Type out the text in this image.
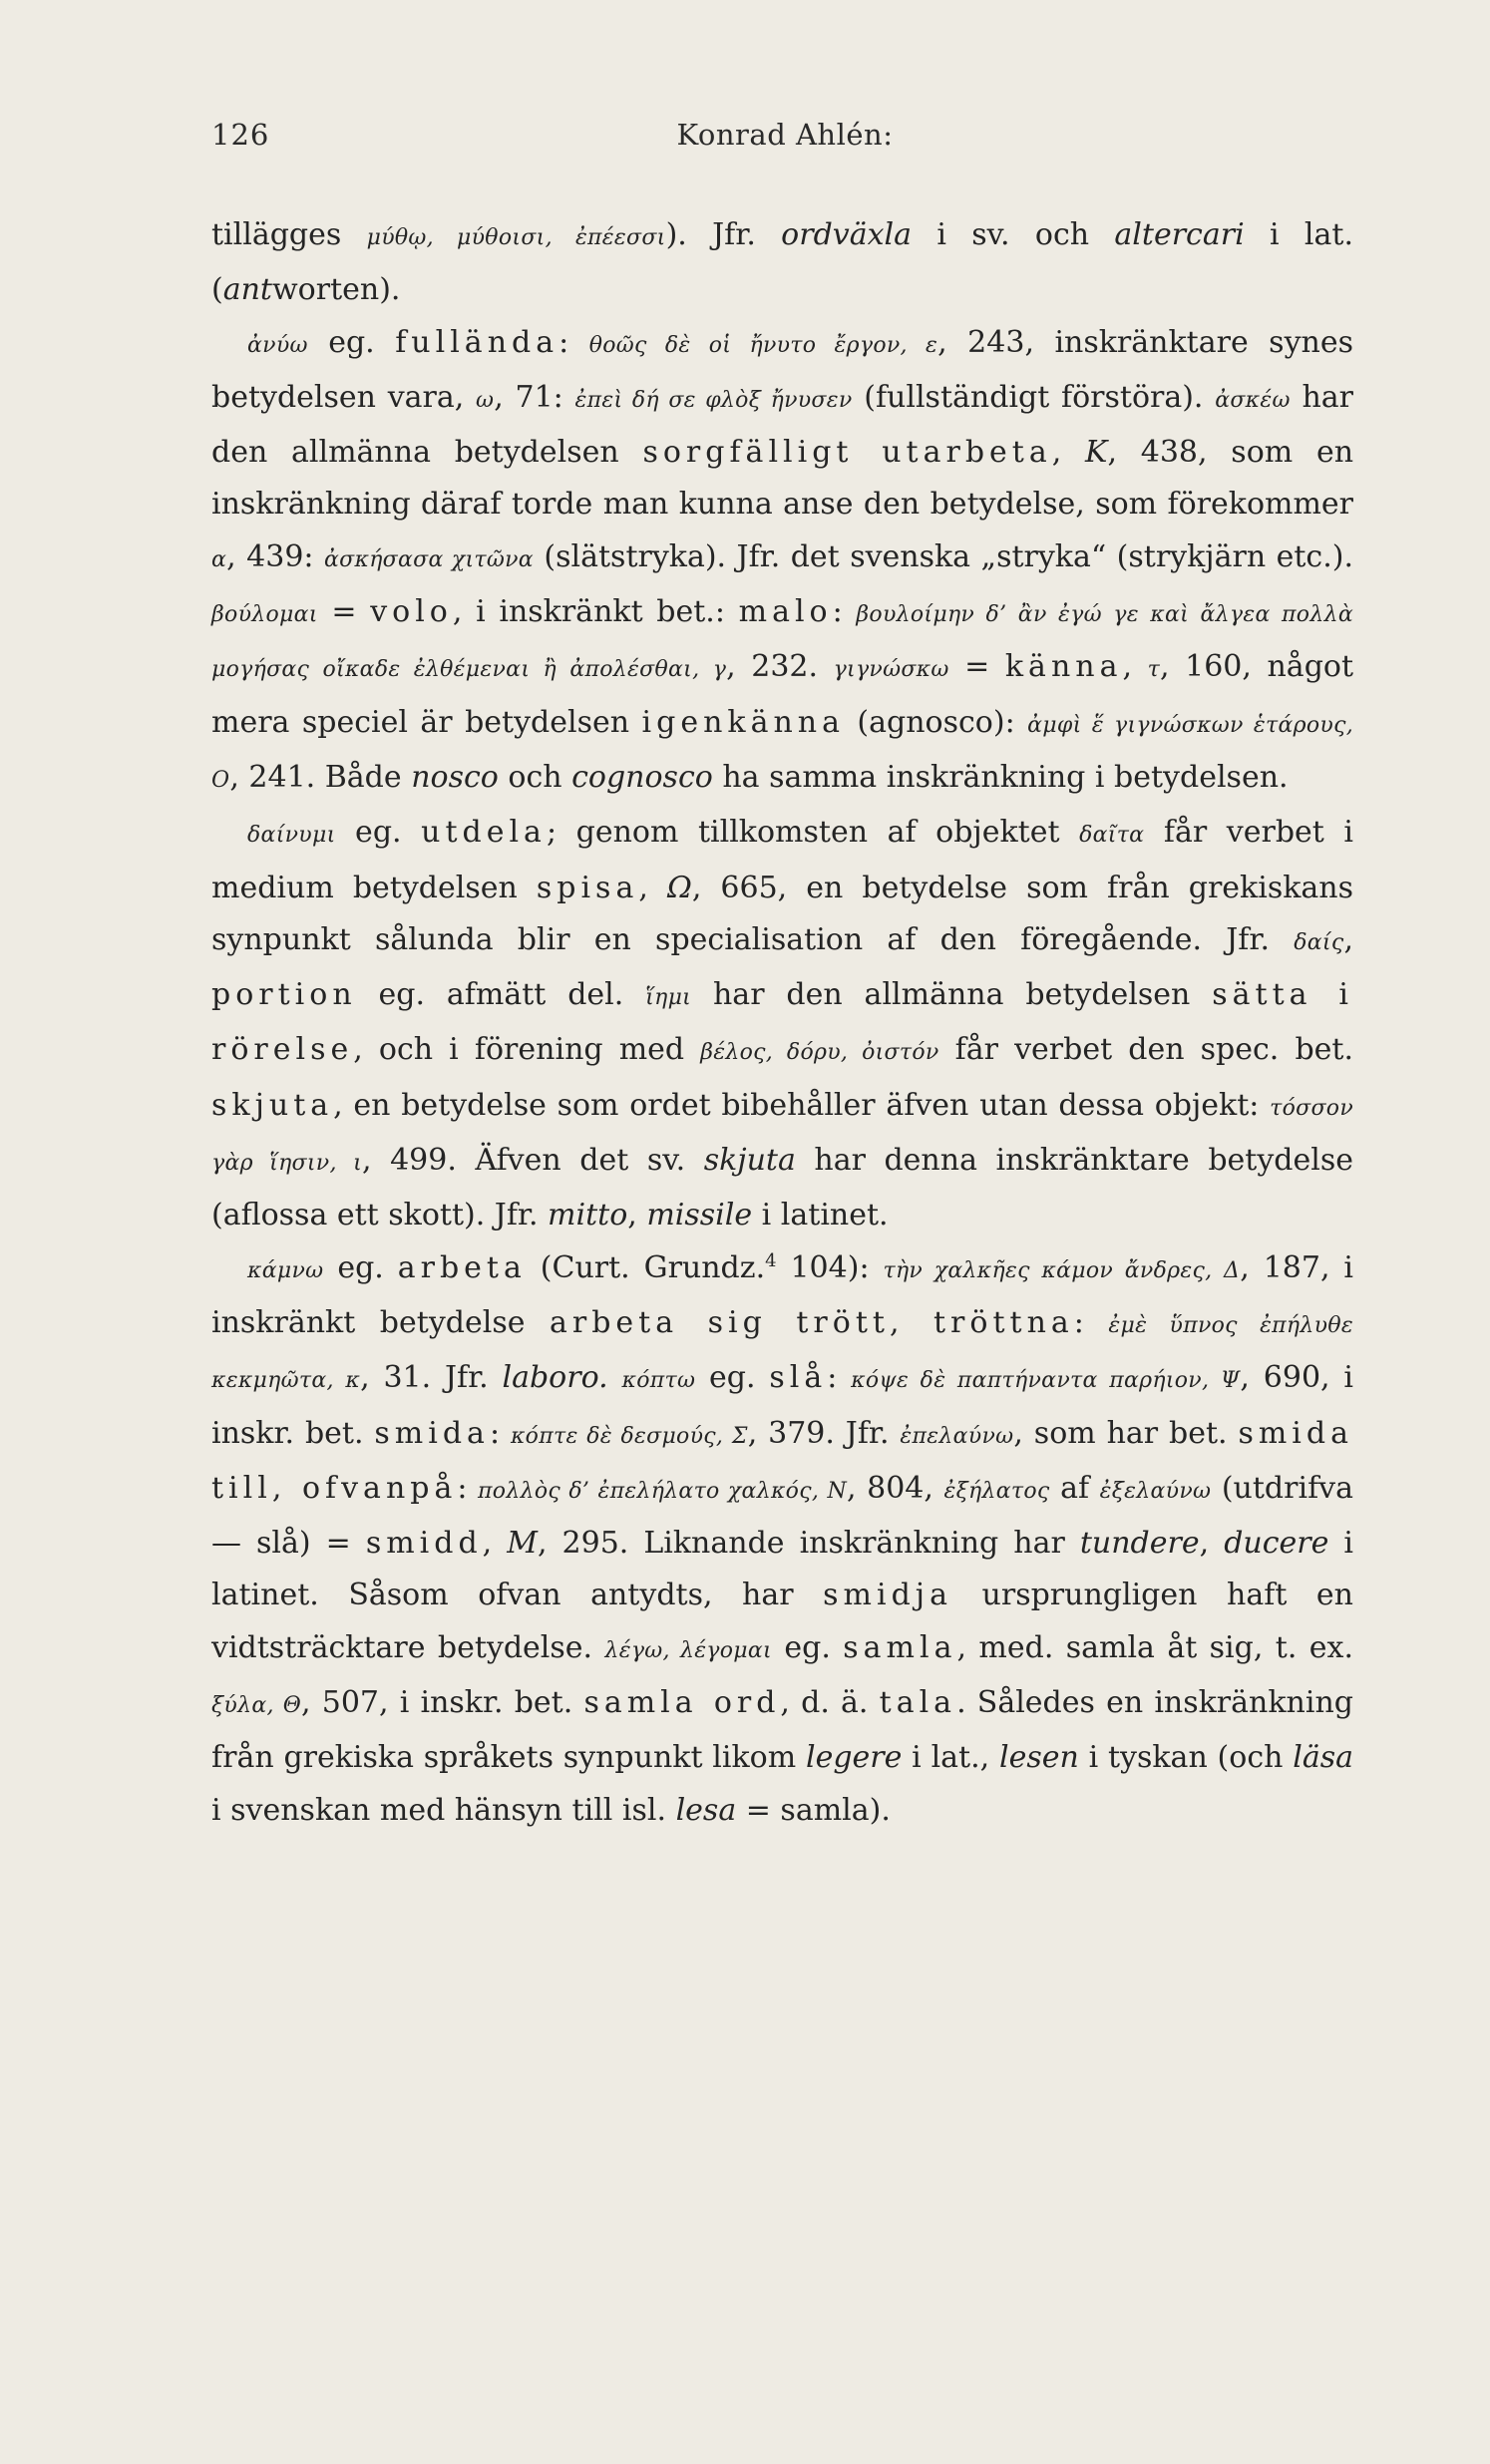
126	Konrad Ahlén:

tillägges μύθῳ, μύθοισι, ἐπέεσσι). Jfr. ordväxla i sv. och altercari i lat. (antworten).

ἀνύω eg. fullända: θοῶς δὲ οἱ ἤνυτο ἔργον, ε, 243, inskränktare synes betydelsen vara, ω, 71: ἐπεὶ δή σε φλὸξ ἤνυσεν (fullständigt förstöra). ἀσκέω har den allmänna betydelsen sorgfälligt utarbeta, K, 438, som en inskränkning däraf torde man kunna anse den betydelse, som förekommer α, 439: ἀσκήσασα χιτῶνα (slätstryka). Jfr. det svenska „stryka“ (strykjärn etc.). βούλομαι = volo, i inskränkt bet.: malo: βουλοίμην δ’ ἂν ἐγώ γε καὶ ἄλγεα πολλὰ μογήσας οἴκαδε ἐλθέμεναι ἢ ἀπολέσθαι, γ, 232. γιγνώσκω = känna, τ, 160, något mera speciel är betydelsen igenkänna (agnosco): ἀμφὶ ἕ γιγνώσκων ἑτάρους, Ο, 241. Både nosco och cognosco ha samma inskränkning i betydelsen.

δαίνυμι eg. utdela; genom tillkomsten af objektet δαῖτα får verbet i medium betydelsen spisa, Ω, 665, en betydelse som från grekiskans synpunkt sålunda blir en specialisation af den föregående. Jfr. δαίς, portion eg. afmätt del. ἵημι har den allmänna betydelsen sätta i rörelse, och i förening med βέλος, δόρυ, ὀιστόν får verbet den spec. bet. skjuta, en betydelse som ordet bibehåller äfven utan dessa objekt: τόσσον γὰρ ἵησιν, ι, 499. Äfven det sv. skjuta har denna inskränktare betydelse (aflossa ett skott). Jfr. mitto, missile i latinet.

κάμνω eg. arbeta (Curt. Grundz.$^4$ 104): τὴν χαλκῆες κάμον ἄνδρες, Δ, 187, i inskränkt betydelse arbeta sig trött, tröttna: ἐμὲ ὕπνος ἐπήλυθε κεκμηῶτα, κ, 31. Jfr. laboro. κόπτω eg. slå: κόψε δὲ παπτήναντα παρήιον, Ψ, 690, i inskr. bet. smida: κόπτε δὲ δεσμούς, Σ, 379. Jfr. ἐπελαύνω, som har bet. smida till, ofvanpå: πολλὸς δ’ ἐπελήλατο χαλκός, Ν, 804, ἐξήλατος af ἐξελαύνω (utdrifva — slå) = smidd, M, 295. Liknande inskränkning har tundere, ducere i latinet. Såsom ofvan antydts, har smidja ursprungligen haft en vidtsträcktare betydelse. λέγω, λέγομαι eg. samla, med. samla åt sig, t. ex. ξύλα, Θ, 507, i inskr. bet. samla ord, d. ä. tala. Således en inskränkning från grekiska språkets synpunkt likom legere i lat., lesen i tyskan (och läsa i svenskan med hänsyn till isl. lesa = samla).
